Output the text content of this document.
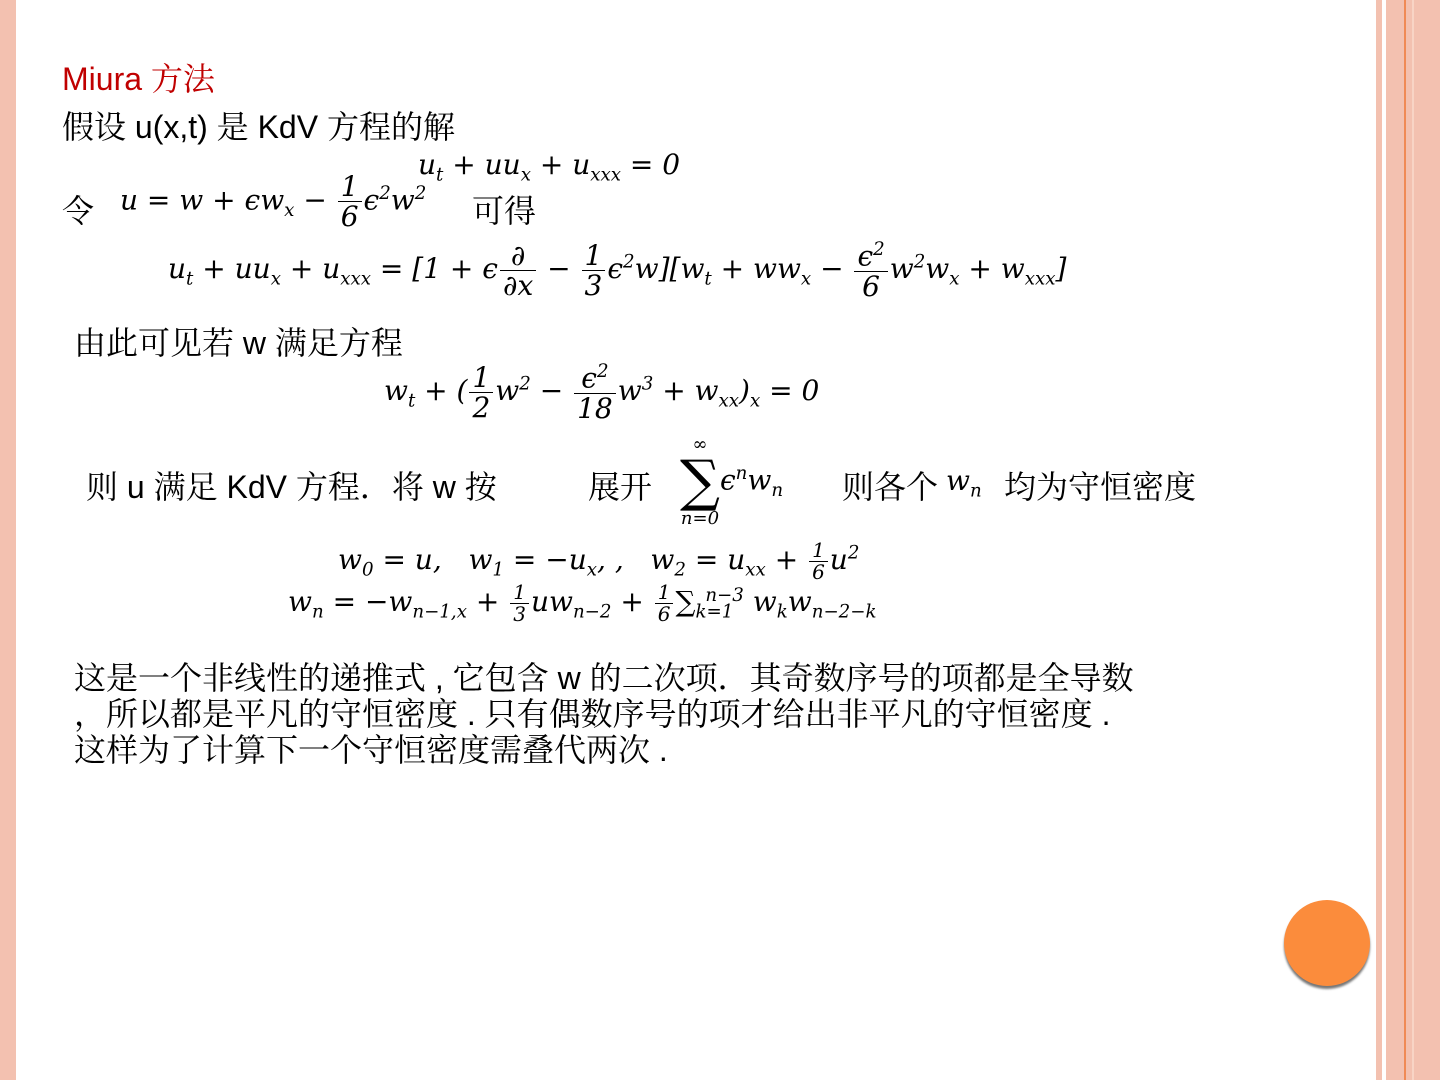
Miura 方法
假设 u(x,t) 是 KdV 方程的解
$u_t + uu_x + u_{xxx} = 0$
令 $u = w + \epsilon w_x - \frac{1}{6} \epsilon^2w^2$ 可得
$u_t + uu_x + u_{xxx} = [1 + \epsilon \frac{\partial}{\partial x} - \frac{1}{3} \epsilon^2w][w_t + ww_x - \frac{\epsilon^2}{6} w^2w_x + w_{xxx}]$
由此可见若 w 满足方程
$w_t$ + ( $\frac{1}{2} w^2 - \frac{\epsilon^2}{18} w^3 + w_{xx})_x = 0$
则 u 满足 KdV 方程．将 w 按	展开
∞
∑
n=0
$\epsilon^nw_n$ 则各个 $w_n$ 均为守恒密度
$w_0 = u$,   $w_1 = -u_x$, ,   $w_2 = u_{xx} + \frac{1}{6} u^2$
$w_n = -w_{n-1,x} + \frac{1}{3} uw_{n-2} + \frac{1}{6} \sum_{k=1}^{n-3}$ $w_kw_{n-2-k}$
这是一个非线性的递推式 , 它包含 w 的二次项．其奇数序号的项都是全导数
，所以都是平凡的守恒密度 . 只有偶数序号的项才给出非平凡的守恒密度 .
这样为了计算下一个守恒密度需叠代两次 .
